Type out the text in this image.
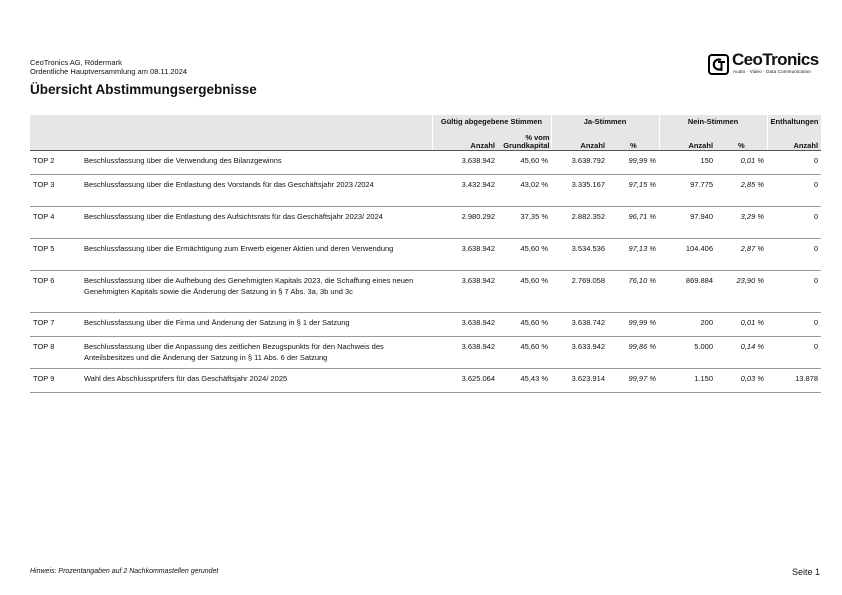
CeoTronics AG, Rödermark
Ordentliche Hauptversammlung am 08.11.2024
CeoTronics
Audio · Video · Data Communication
Übersicht Abstimmungsergebnisse
		Gültig abgegebene Stimmen		Ja-Stimmen		Nein-Stimmen		Enthaltungen
		Anzahl	% vom Grundkapital	Anzahl	%	Anzahl	%	Anzahl
TOP 2	Beschlussfassung über die Verwendung des Bilanzgewinns	3.638.942	45,60 %	3.638.792	99,99 %	150	0,01 %	0
TOP 3	Beschlussfassung über die Entlastung des Vorstands für das Geschäftsjahr 2023 /2024	3.432.942	43,02 %	3.335.167	97,15 %	97.775	2,85 %	0
TOP 4	Beschlussfassung über die Entlastung des Aufsichtsrats für das Geschäftsjahr 2023/ 2024	2.980.292	37,35 %	2.882.352	96,71 %	97.940	3,29 %	0
TOP 5	Beschlussfassung über die Ermächtigung zum Erwerb eigener Aktien und deren Verwendung	3.638.942	45,60 %	3.534.536	97,13 %	104.406	2,87 %	0
TOP 6	Beschlussfassung über die Aufhebung des Genehmigten Kapitals 2023, die Schaffung eines neuen Genehmigten Kapitals sowie die Änderung der Satzung in § 7 Abs. 3a, 3b und 3c	3.638.942	45,60 %	2.769.058	76,10 %	869.884	23,90 %	0
TOP 7	Beschlussfassung über die Firma und Änderung der Satzung in § 1 der Satzung	3.638.942	45,60 %	3.638.742	99,99 %	200	0,01 %	0
TOP 8	Beschlussfassung über die Anpassung des zeitlichen Bezugspunkts für den Nachweis des Anteilsbesitzes und die Änderung der Satzung in § 11 Abs. 6 der Satzung	3.638.942	45,60 %	3.633.942	99,86 %	5.000	0,14 %	0
TOP 9	Wahl des Abschlussprüfers für das Geschäftsjahr 2024/ 2025	3.625.064	45,43 %	3.623.914	99,97 %	1.150	0,03 %	13.878
Hinweis: Prozentangaben auf 2 Nachkommastellen gerundet	Seite 1
